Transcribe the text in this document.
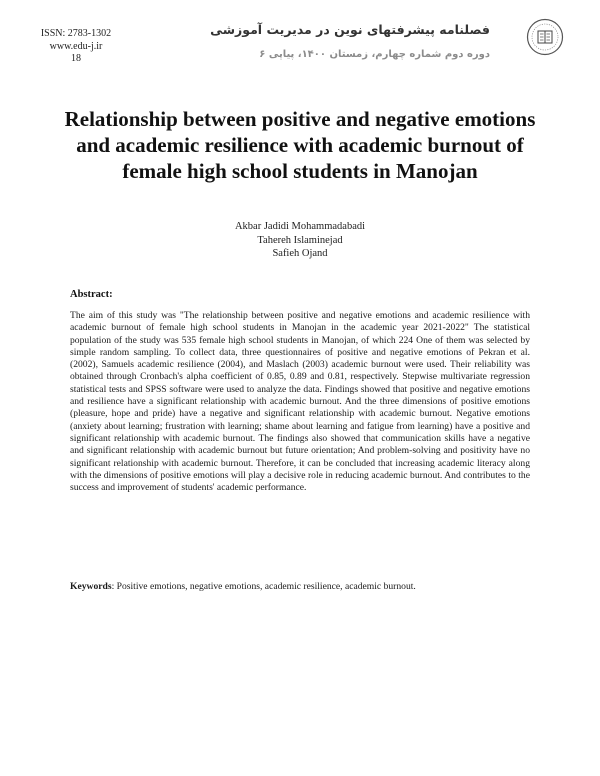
ISSN: 2783-1302
www.edu-j.ir
18
فصلنامه پیشرفتهای نوین در مدیریت آموزشی
دوره دوم شماره چهارم، زمستان ۱۴۰۰، پیاپی ۶
Relationship between positive and negative emotions and academic resilience with academic burnout of female high school students in Manojan
Akbar Jadidi Mohammadabadi
Tahereh Islaminejad
Safieh Ojand
Abstract:
The aim of this study was "The relationship between positive and negative emotions and academic resilience with academic burnout of female high school students in Manojan in the academic year 2021-2022" The statistical population of the study was 535 female high school students in Manojan, of which 224 One of them was selected by simple random sampling. To collect data, three questionnaires of positive and negative emotions of Pekran et al. (2002), Samuels academic resilience (2004), and Maslach (2003) academic burnout were used. Their reliability was obtained through Cronbach's alpha coefficient of 0.85, 0.89 and 0.81, respectively. Stepwise multivariate regression statistical tests and SPSS software were used to analyze the data. Findings showed that positive and negative emotions and resilience have a significant relationship with academic burnout. And the three dimensions of positive emotions (pleasure, hope and pride) have a negative and significant relationship with academic burnout. Negative emotions (anxiety about learning; frustration with learning; shame about learning and fatigue from learning) have a positive and significant relationship with academic burnout. The findings also showed that communication skills have a negative and significant relationship with academic burnout but future orientation; And problem-solving and positivity have no significant relationship with academic burnout. Therefore, it can be concluded that increasing academic literacy along with the dimensions of positive emotions will play a decisive role in reducing academic burnout. And contributes to the success and improvement of students' academic performance.
Keywords: Positive emotions, negative emotions, academic resilience, academic burnout.
